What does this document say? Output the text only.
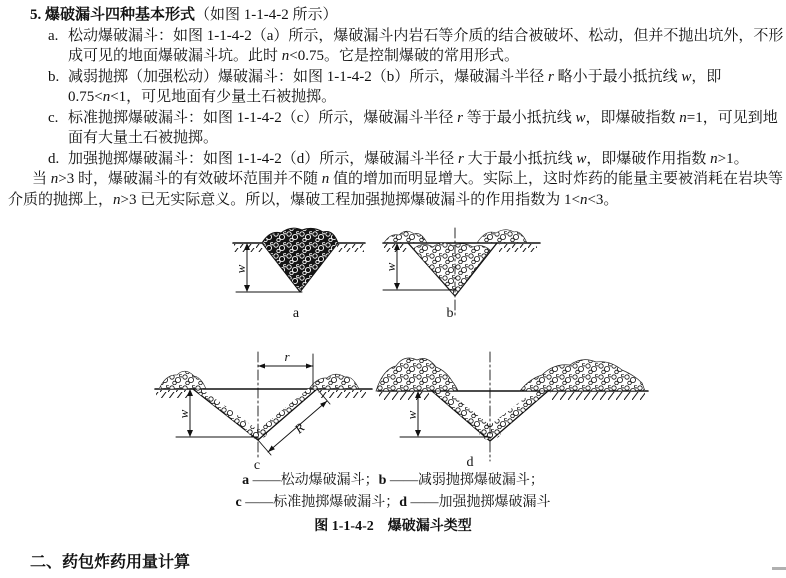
5. 爆破漏斗四种基本形式（如图 1-1-4-2 所示）
a. 松动爆破漏斗：如图 1-1-4-2（a）所示，爆破漏斗内岩石等介质的结合被破坏、松动，但并不抛出坑外，不形成可见的地面爆破漏斗坑。此时 n<0.75。它是控制爆破的常用形式。
b. 减弱抛掷（加强松动）爆破漏斗：如图 1-1-4-2（b）所示，爆破漏斗半径 r 略小于最小抵抗线 w，即 0.75<n<1，可见地面有少量土石被抛掷。
c. 标准抛掷爆破漏斗：如图 1-1-4-2（c）所示，爆破漏斗半径 r 等于最小抵抗线 w，即爆破指数 n=1，可见到地面有大量土石被抛掷。
d. 加强抛掷爆破漏斗：如图 1-1-4-2（d）所示，爆破漏斗半径 r 大于最小抵抗线 w，即爆破作用指数 n>1。
当 n>3 时，爆破漏斗的有效破坏范围并不随 n 值的增加而明显增大。实际上，这时炸药的能量主要被消耗在岩块等介质的抛掷上，n>3 已无实际意义。所以，爆破工程加强抛掷爆破漏斗的作用指数为 1<n<3。
w
a
w
b
r
R
w
c
w
d
a ——松动爆破漏斗；b ——减弱抛掷爆破漏斗；
c ——标准抛掷爆破漏斗；d ——加强抛掷爆破漏斗
图 1-1-4-2　爆破漏斗类型
二、药包炸药用量计算
